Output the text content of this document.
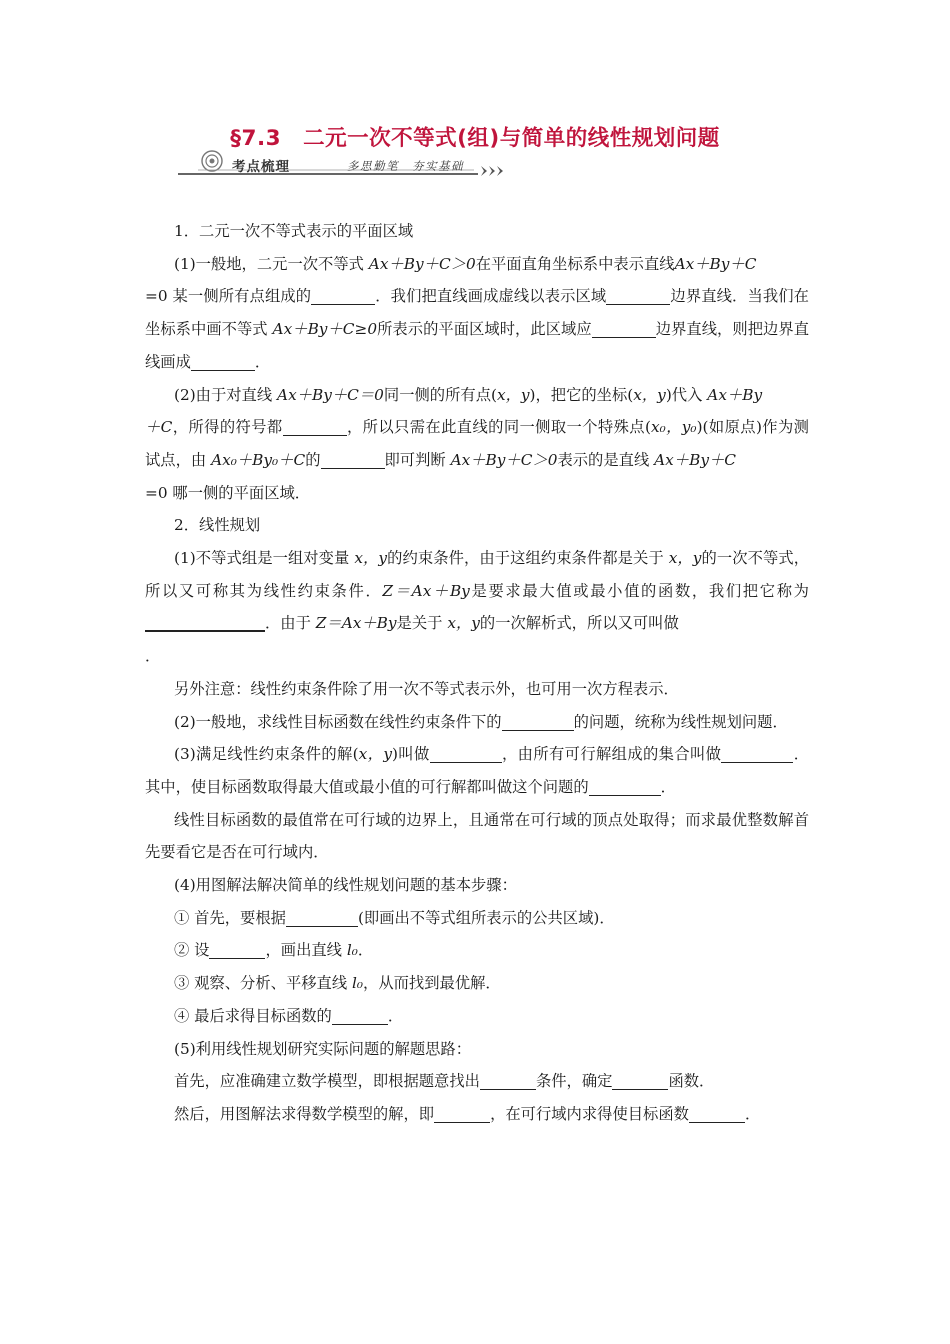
§7.3　二元一次不等式(组)与简单的线性规划问题
考点梳理	多思勤笔　夯实基础

1．二元一次不等式表示的平面区域

(1)一般地，二元一次不等式 Ax＋By＋C＞0在平面直角坐标系中表示直线Ax＋By＋C
=0 某一侧所有点组成的	．我们把直线画成虚线以表示区域	边界直线．当我们在坐标系中画不等式 Ax＋By＋C≥0所表示的平面区域时，此区域应	边界直线，则把边界直线画成	．

(2)由于对直线 Ax＋By＋C＝0同一侧的所有点(x，y)，把它的坐标(x，y)代入 Ax＋By
＋C，所得的符号都	，所以只需在此直线的同一侧取一个特殊点(x₀，y₀)(如原点)作为测试点，由 Ax₀＋By₀＋C的	即可判断 Ax＋By＋C＞0表示的是直线 Ax＋By＋C
=0 哪一侧的平面区域．

2．线性规划

(1)不等式组是一组对变量 x，y的约束条件，由于这组约束条件都是关于 x，y的一次不等式，所以又可称其为线性约束条件．Z＝Ax＋By是要求最大值或最小值的函数，我们把它称为．由于 Z＝Ax＋By是关于 x，y的一次解析式，所以又可叫做
．

另外注意：线性约束条件除了用一次不等式表示外，也可用一次方程表示．

(2)一般地，求线性目标函数在线性约束条件下的	的问题，统称为线性规划问题．

(3)满足线性约束条件的解(x，y)叫做	，由所有可行解组成的集合叫做	．其中，使目标函数取得最大值或最小值的可行解都叫做这个问题的	．

线性目标函数的最值常在可行域的边界上，且通常在可行域的顶点处取得；而求最优整数解首先要看它是否在可行域内．

(4)用图解法解决简单的线性规划问题的基本步骤：

① 首先，要根据	(即画出不等式组所表示的公共区域)．

② 设	，画出直线 l₀．

③ 观察、分析、平移直线 l₀，从而找到最优解．

④ 最后求得目标函数的	．

(5)利用线性规划研究实际问题的解题思路：

首先，应准确建立数学模型，即根据题意找出	条件，确定	函数．

然后，用图解法求得数学模型的解，即	，在可行域内求得使目标函数	．
